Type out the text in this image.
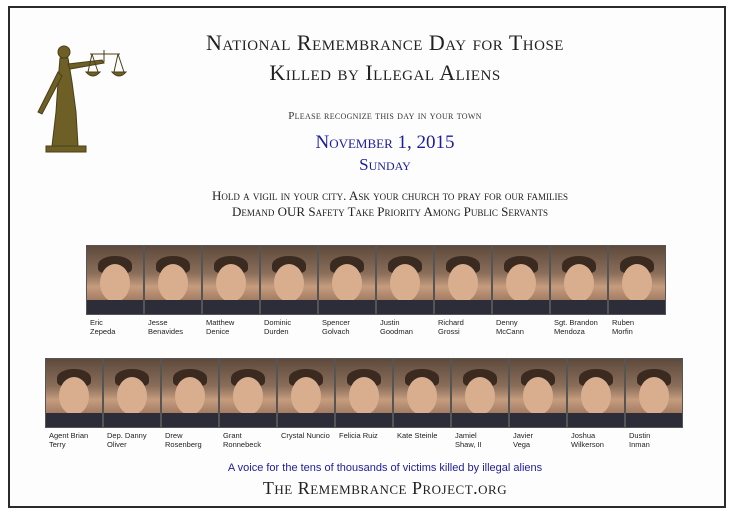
National Remembrance Day for Those
Killed by Illegal Aliens
Please recognize this day in your town
November 1, 2015
Sunday
Hold a vigil in your city. Ask your church to pray for our families
Demand OUR Safety Take Priority Among Public Servants
Eric
Zepeda
Jesse
Benavides
Matthew
Denice
Dominic
Durden
Spencer
Golvach
Justin
Goodman
Richard
Grossi
Denny
McCann
Sgt. Brandon
Mendoza
Ruben
Morfin
Agent Brian
Terry
Dep. Danny
Oliver
Drew
Rosenberg
Grant
Ronnebeck
Crystal Nuncio	Felicia Ruiz	Kate Steinle	Jamiel
Shaw, II
Javier
Vega
Joshua
Wilkerson
Dustin
Inman
A voice for the tens of thousands of victims killed by illegal aliens
The Remembrance Project.org
